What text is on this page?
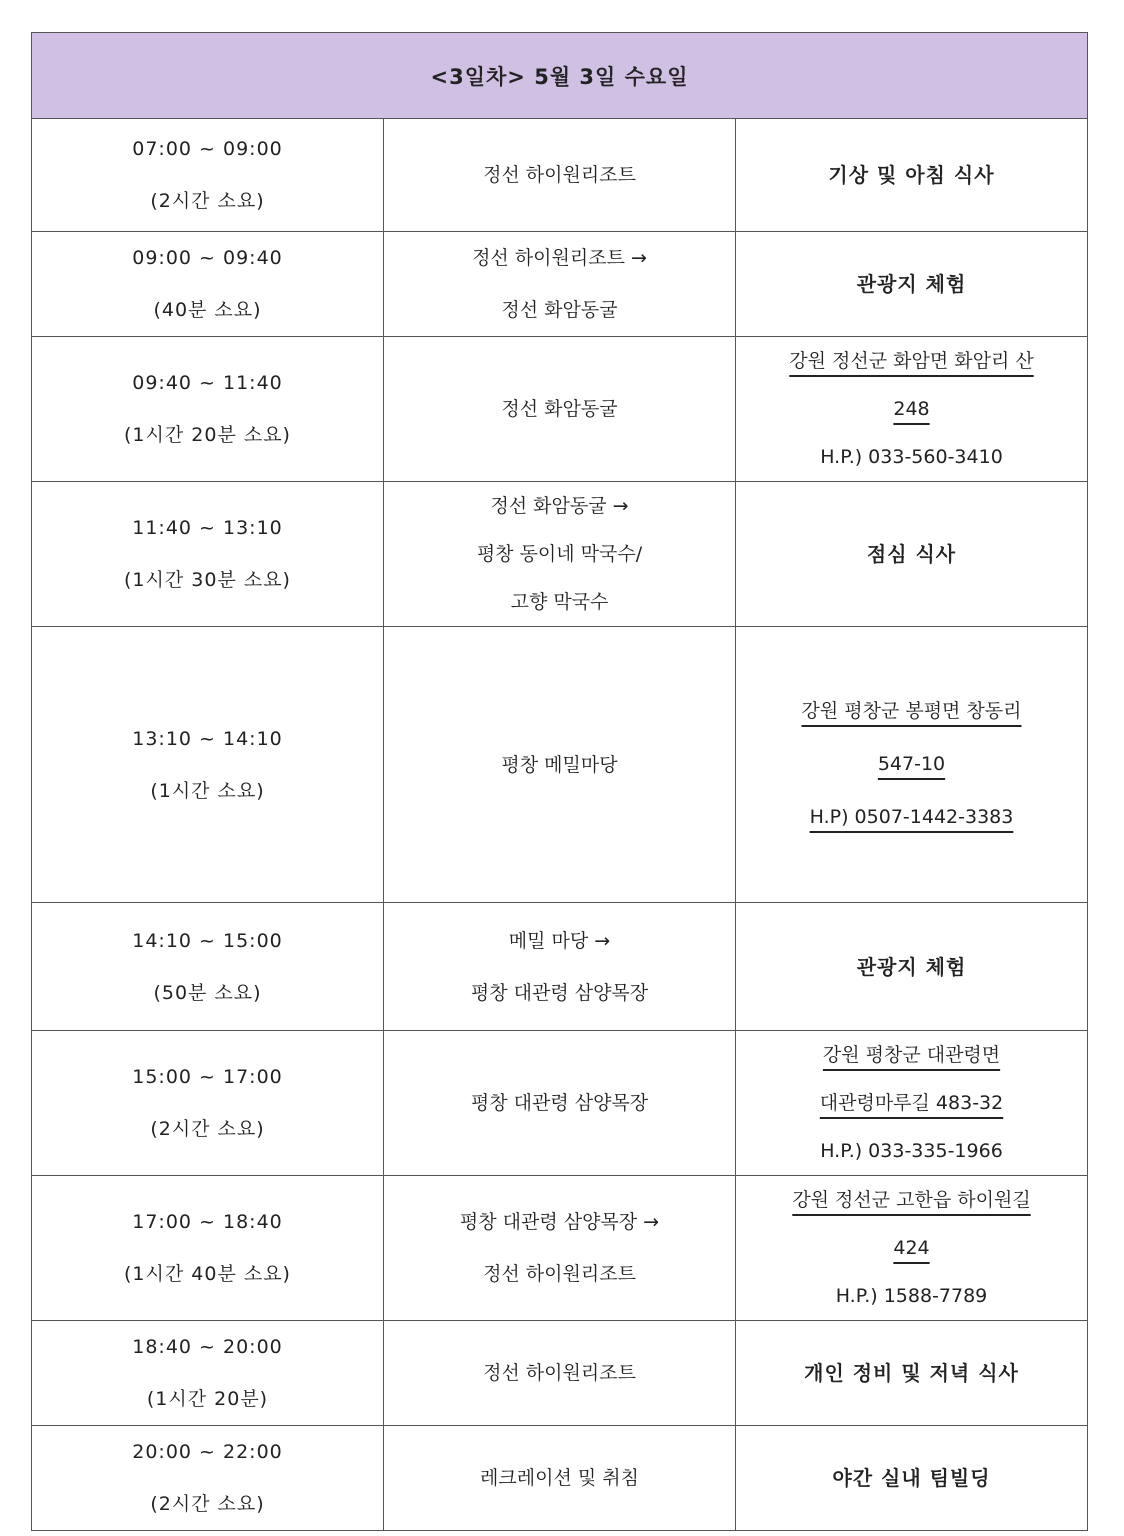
<3일차> 5월 3일 수요일		

07:00 ~ 09:00
(2시간 소요)	정선 하이원리조트	기상 및 아침 식사

09:00 ~ 09:40
(40분 소요)	정선 하이원리조트 →
정선 화암동굴	관광지 체험

09:40 ~ 11:40
(1시간 20분 소요)	정선 화암동굴	강원 정선군 화암면 화암리 산
248
H.P.) 033-560-3410

11:40 ~ 13:10
(1시간 30분 소요)	정선 화암동굴 →
평창 동이네 막국수/
고향 막국수	점심 식사

13:10 ~ 14:10
(1시간 소요)	평창 메밀마당	강원 평창군 봉평면 창동리
547-10
H.P) 0507-1442-3383

14:10 ~ 15:00
(50분 소요)	메밀 마당 →
평창 대관령 삼양목장	관광지 체험

15:00 ~ 17:00
(2시간 소요)	평창 대관령 삼양목장	강원 평창군 대관령면
대관령마루길 483-32
H.P.) 033-335-1966

17:00 ~ 18:40
(1시간 40분 소요)	평창 대관령 삼양목장 →
정선 하이원리조트	강원 정선군 고한읍 하이원길
424
H.P.) 1588-7789

18:40 ~ 20:00
(1시간 20분)	정선 하이원리조트	개인 정비 및 저녁 식사

20:00 ~ 22:00
(2시간 소요)	레크레이션 및 취침	야간 실내 팀빌딩
